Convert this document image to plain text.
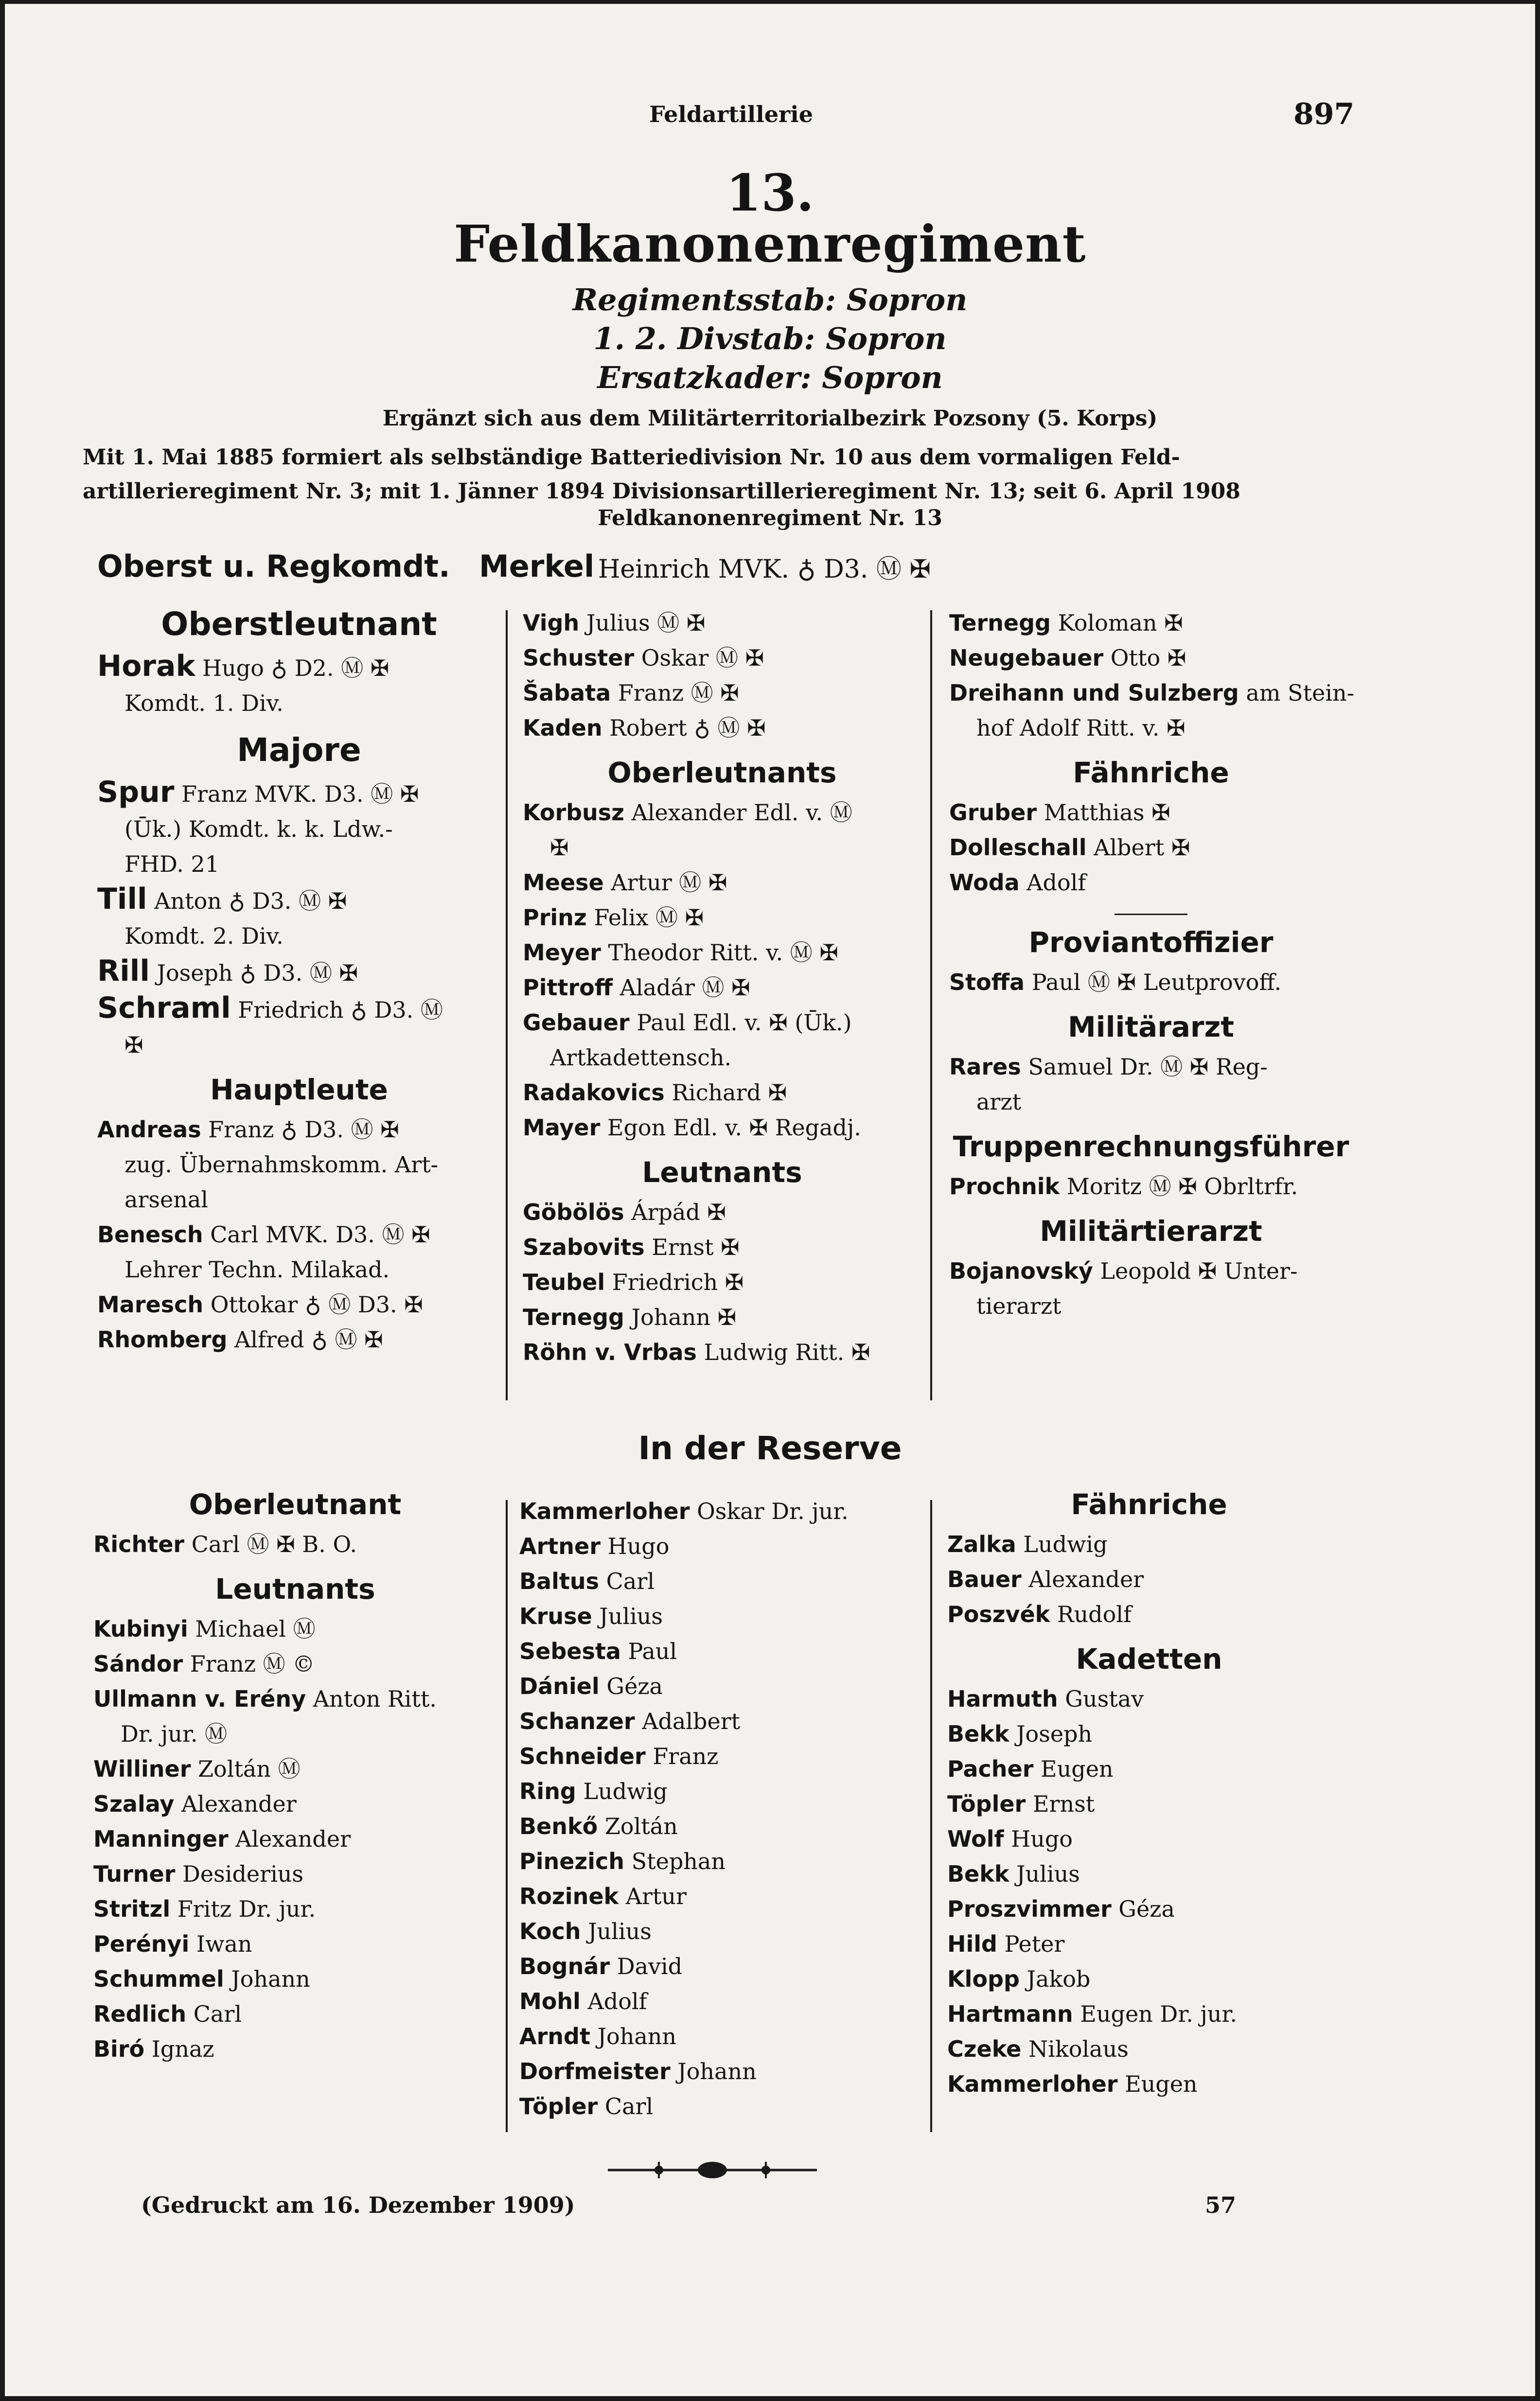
Feldartillerie	897
13.
Feldkanonenregiment
Regimentsstab: Sopron
1. 2. Divstab: Sopron
Ersatzkader: Sopron
Ergänzt sich aus dem Militärterritorialbezirk Pozsony (5. Korps)
Mit 1. Mai 1885 formiert als selbständige Batteriedivision Nr. 10 aus dem vormaligen Feld-
artillerieregiment Nr. 3; mit 1. Jänner 1894 Divisionsartillerieregiment Nr. 13; seit 6. April 1908
Feldkanonenregiment Nr. 13
Oberst u. Regkomdt. Merkel Heinrich MVK. ♁ D3. Ⓜ ✠
Oberstleutnant
Horak Hugo ♁ D2. Ⓜ ✠
Komdt. 1. Div.
Majore
Spur Franz MVK. D3. Ⓜ ✠
(Ūk.) Komdt. k. k. Ldw.-
FHD. 21
Till Anton ♁ D3. Ⓜ ✠
Komdt. 2. Div.
Rill Joseph ♁ D3. Ⓜ ✠
Schraml Friedrich ♁ D3. Ⓜ
✠
Hauptleute
Andreas Franz ♁ D3. Ⓜ ✠
zug. Übernahmskomm. Art-
arsenal
Benesch Carl MVK. D3. Ⓜ ✠
Lehrer Techn. Milakad.
Maresch Ottokar ♁ Ⓜ D3. ✠
Rhomberg Alfred ♁ Ⓜ ✠
Vigh Julius Ⓜ ✠
Schuster Oskar Ⓜ ✠
Šabata Franz Ⓜ ✠
Kaden Robert ♁ Ⓜ ✠
Oberleutnants
Korbusz Alexander Edl. v. Ⓜ
✠
Meese Artur Ⓜ ✠
Prinz Felix Ⓜ ✠
Meyer Theodor Ritt. v. Ⓜ ✠
Pittroff Aladár Ⓜ ✠
Gebauer Paul Edl. v. ✠ (Ūk.)
Artkadettensch.
Radakovics Richard ✠
Mayer Egon Edl. v. ✠ Regadj.
Leutnants
Göbölös Árpád ✠
Szabovits Ernst ✠
Teubel Friedrich ✠
Ternegg Johann ✠
Röhn v. Vrbas Ludwig Ritt. ✠
Ternegg Koloman ✠
Neugebauer Otto ✠
Dreihann und Sulzberg am Stein-
hof Adolf Ritt. v. ✠
Fähnriche
Gruber Matthias ✠
Dolleschall Albert ✠
Woda Adolf
Proviantoffizier
Stoffa Paul Ⓜ ✠ Leutprovoff.
Militärarzt
Rares Samuel Dr. Ⓜ ✠ Reg-
arzt
Truppenrechnungsführer
Prochnik Moritz Ⓜ ✠ Obrltrfr.
Militärtierarzt
Bojanovský Leopold ✠ Unter-
tierarzt
In der Reserve
Oberleutnant
Richter Carl Ⓜ ✠ B. O.
Leutnants
Kubinyi Michael Ⓜ
Sándor Franz Ⓜ ©
Ullmann v. Erény Anton Ritt.
Dr. jur. Ⓜ
Williner Zoltán Ⓜ
Szalay Alexander
Manninger Alexander
Turner Desiderius
Stritzl Fritz Dr. jur.
Perényi Iwan
Schummel Johann
Redlich Carl
Biró Ignaz
Kammerloher Oskar Dr. jur.
Artner Hugo
Baltus Carl
Kruse Julius
Sebesta Paul
Dániel Géza
Schanzer Adalbert
Schneider Franz
Ring Ludwig
Benkő Zoltán
Pinezich Stephan
Rozinek Artur
Koch Julius
Bognár David
Mohl Adolf
Arndt Johann
Dorfmeister Johann
Töpler Carl
Fähnriche
Zalka Ludwig
Bauer Alexander
Poszvék Rudolf
Kadetten
Harmuth Gustav
Bekk Joseph
Pacher Eugen
Töpler Ernst
Wolf Hugo
Bekk Julius
Proszvimmer Géza
Hild Peter
Klopp Jakob
Hartmann Eugen Dr. jur.
Czeke Nikolaus
Kammerloher Eugen
(Gedruckt am 16. Dezember 1909)	57
